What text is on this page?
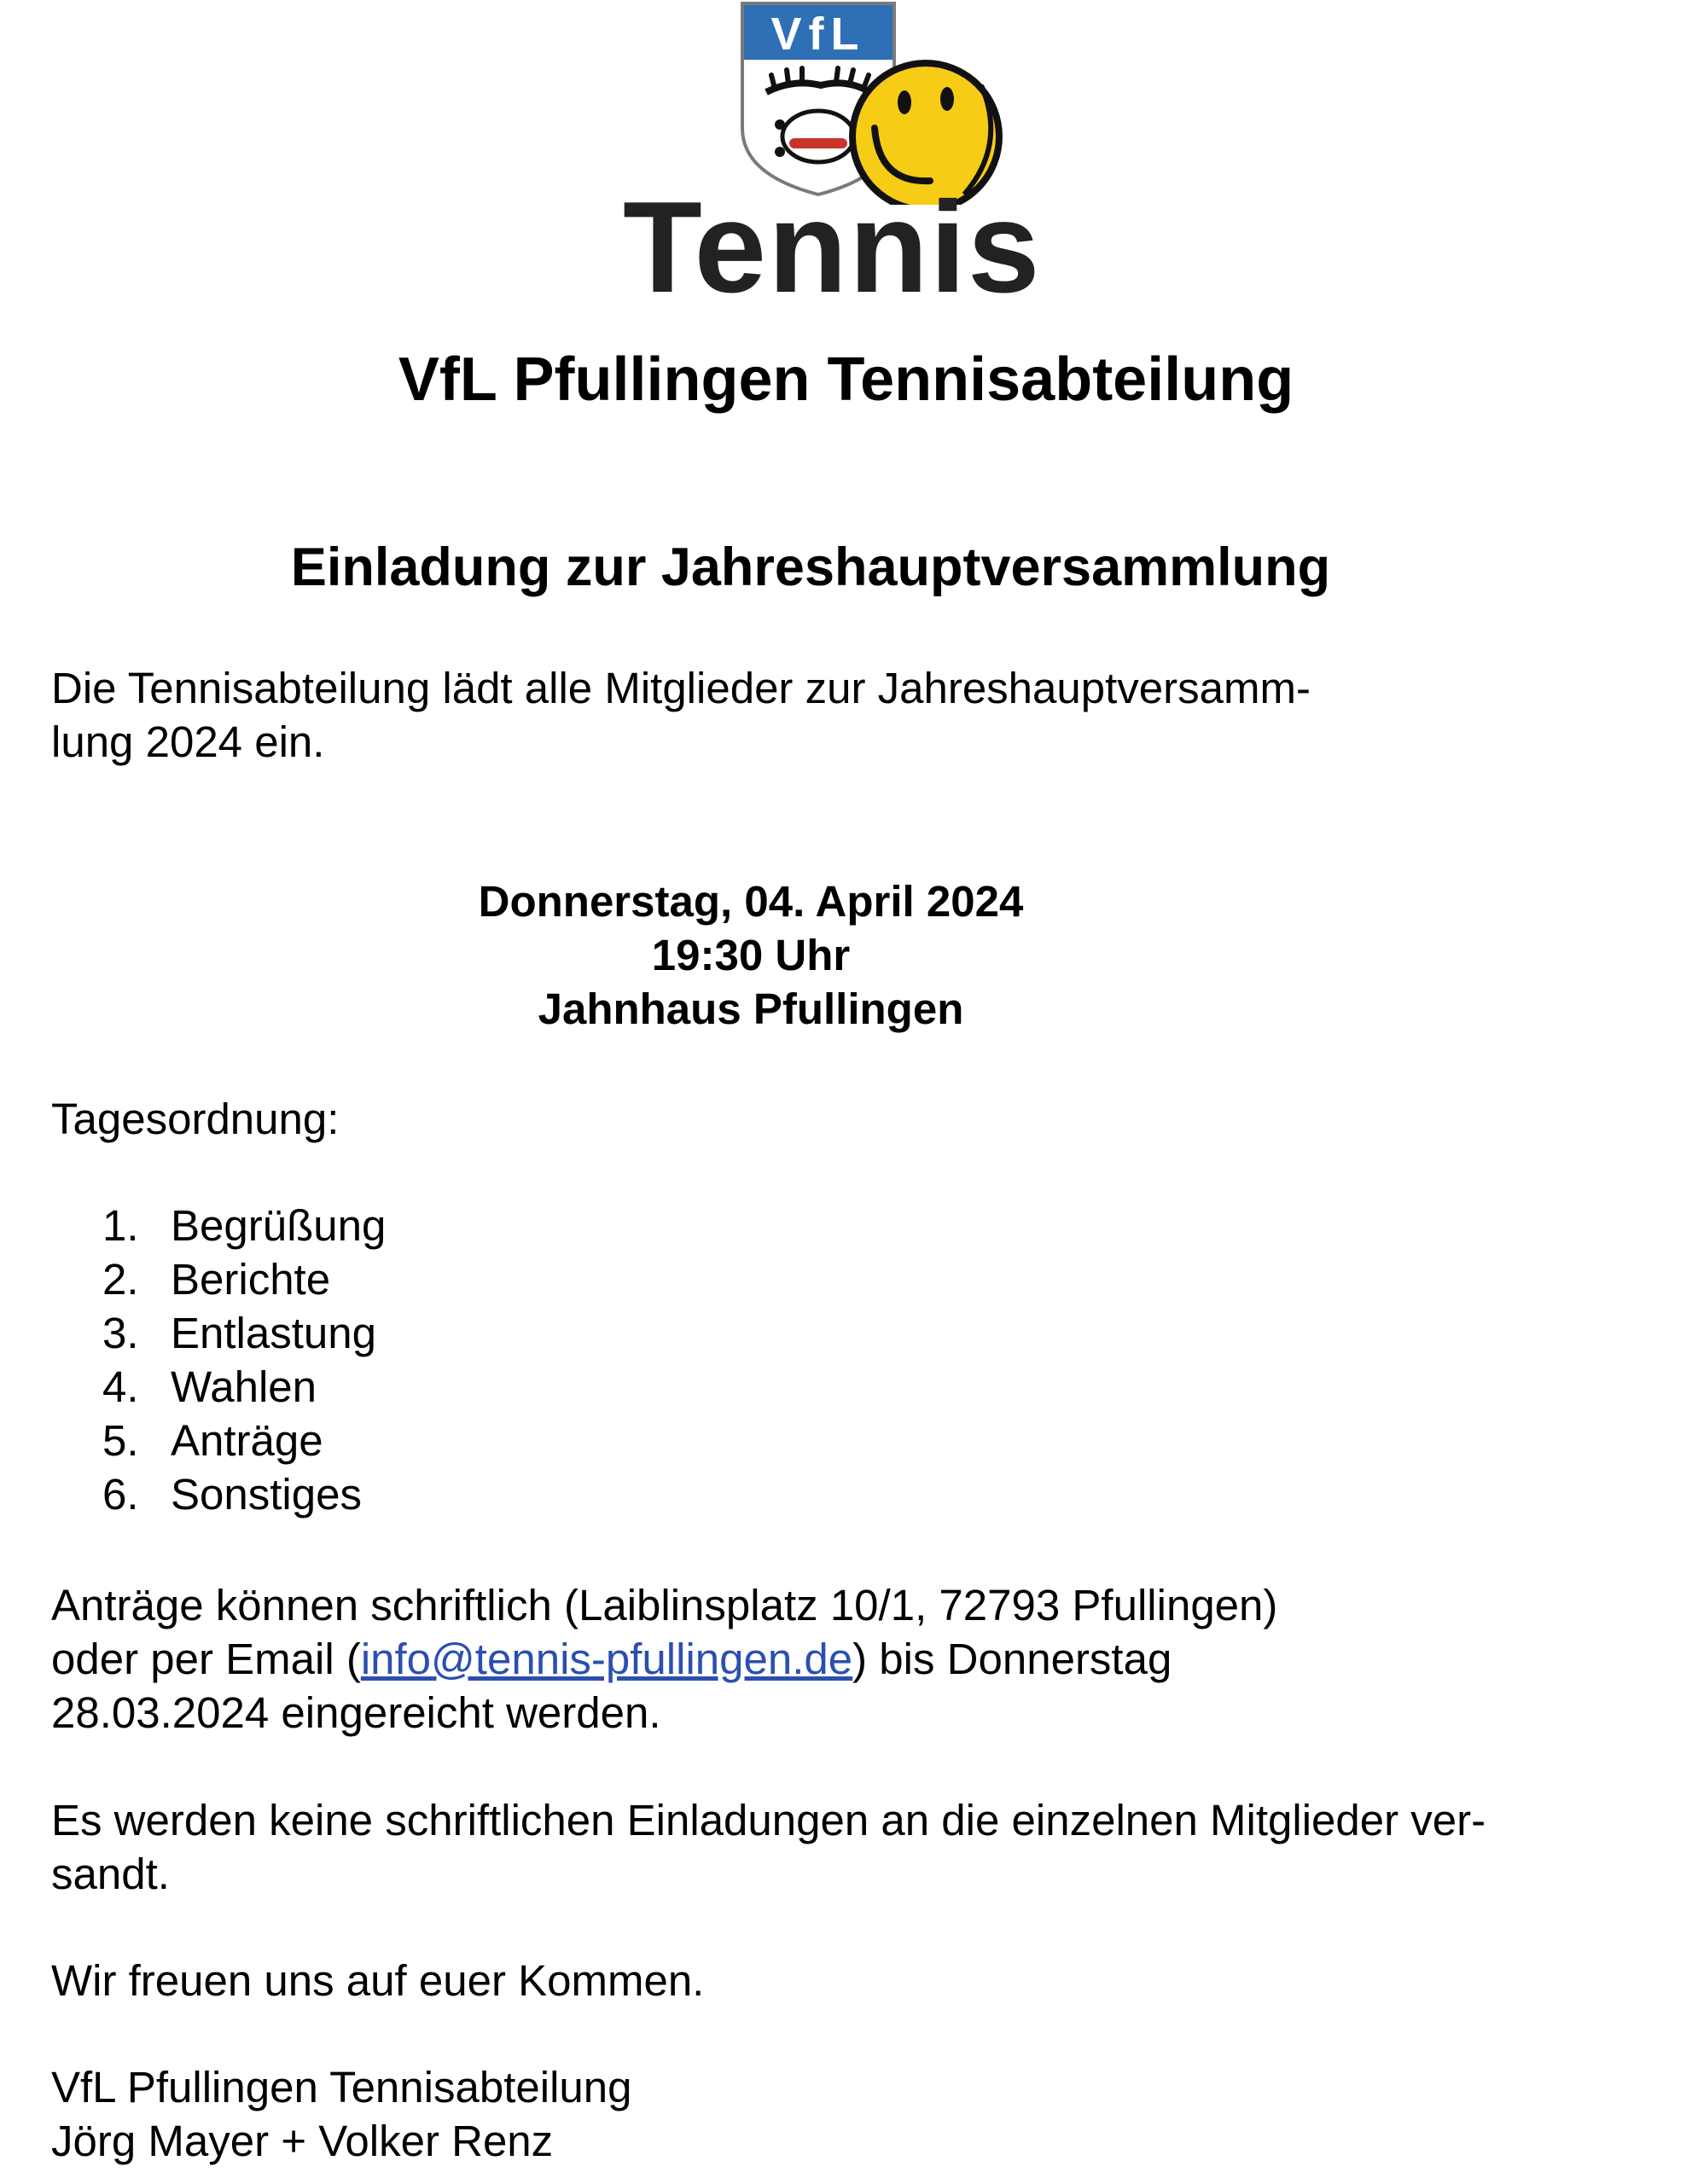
VfL
Tennis
VfL Pfullingen Tennisabteilung
Einladung zur Jahreshauptversammlung
Die Tennisabteilung lädt alle Mitglieder zur Jahreshauptversamm-
lung 2024 ein.
Donnerstag, 04. April 2024
19:30 Uhr
Jahnhaus Pfullingen
Tagesordnung:
1. Begrüßung
2. Berichte
3. Entlastung
4. Wahlen
5. Anträge
6. Sonstiges
Anträge können schriftlich (Laiblinsplatz 10/1, 72793 Pfullingen)
oder per Email (info@tennis-pfullingen.de) bis Donnerstag
28.03.2024 eingereicht werden.
Es werden keine schriftlichen Einladungen an die einzelnen Mitglieder ver-
sandt.
Wir freuen uns auf euer Kommen.
VfL Pfullingen Tennisabteilung
Jörg Mayer + Volker Renz
